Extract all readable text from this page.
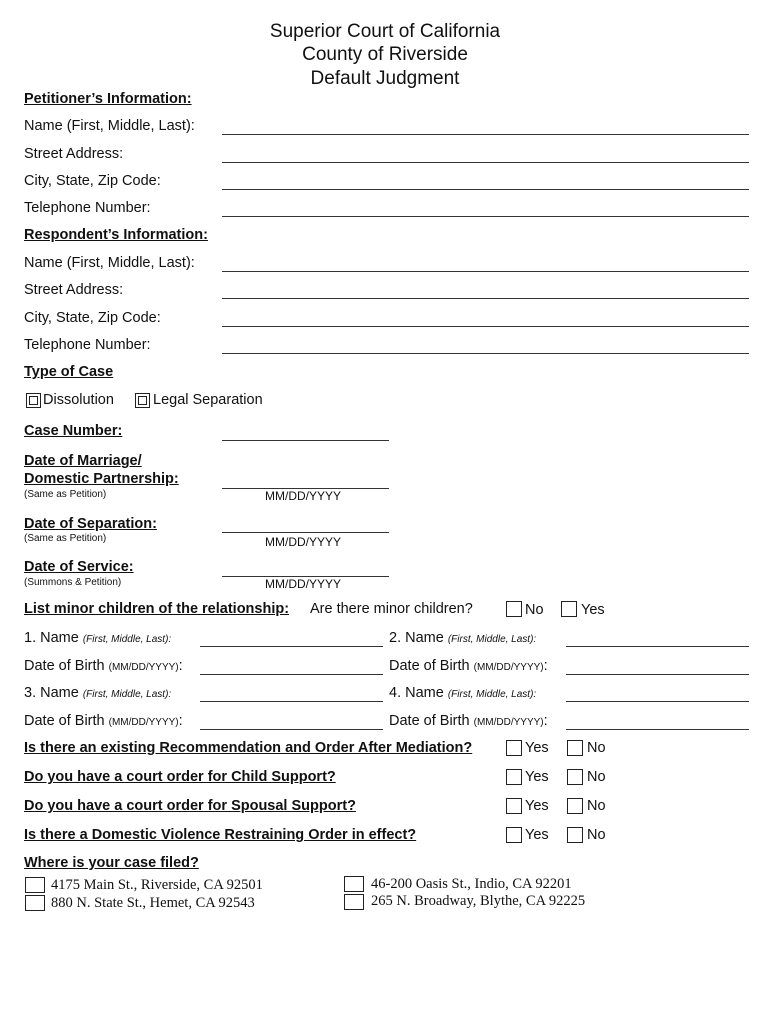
Superior Court of California
County of Riverside
Default Judgment
Petitioner’s Information:
Name (First, Middle, Last):
Street Address:
City, State, Zip Code:
Telephone Number:
Respondent’s Information:
Name (First, Middle, Last):
Street Address:
City, State, Zip Code:
Telephone Number:
Type of Case
Dissolution	Legal Separation
Case Number:
Date of Marriage/
Domestic Partnership:
(Same as Petition)	MM/DD/YYYY
Date of Separation:
(Same as Petition)	MM/DD/YYYY
Date of Service:
(Summons & Petition)	MM/DD/YYYY
List minor children of the relationship: Are there minor children?	No	Yes
1. Name (First, Middle, Last):	2. Name (First, Middle, Last):
Date of Birth (MM/DD/YYYY):	Date of Birth (MM/DD/YYYY):
3. Name (First, Middle, Last):	4. Name (First, Middle, Last):
Date of Birth (MM/DD/YYYY):	Date of Birth (MM/DD/YYYY):
Is there an existing Recommendation and Order After Mediation?	Yes	No
Do you have a court order for Child Support?	Yes	No
Do you have a court order for Spousal Support?	Yes	No
Is there a Domestic Violence Restraining Order in effect?	Yes	No
Where is your case filed?
4175 Main St., Riverside, CA 92501
880 N. State St., Hemet, CA 92543
46-200 Oasis St., Indio, CA 92201
265 N. Broadway, Blythe, CA 92225
